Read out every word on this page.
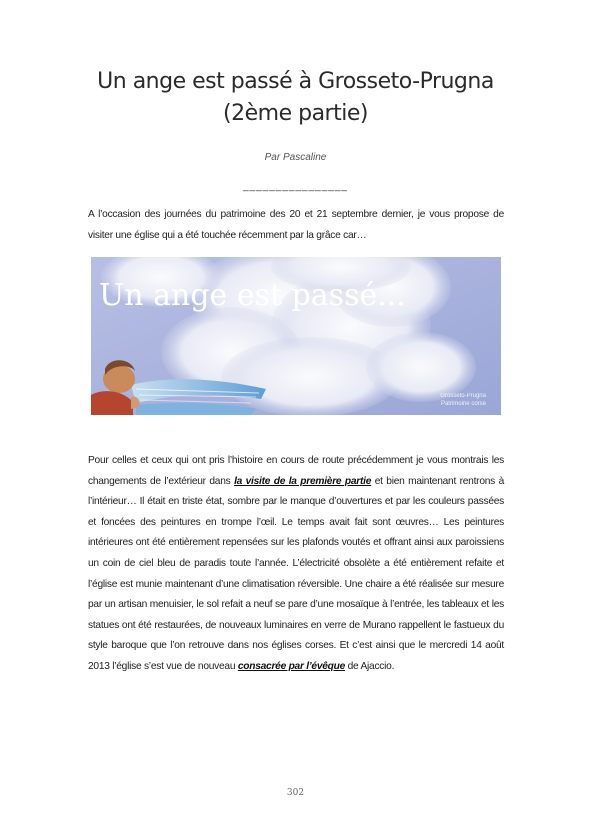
Un ange est passé à Grosseto-Prugna (2ème partie)
Par Pascaline
________________

A l’occasion des journées du patrimoine des 20 et 21 septembre dernier, je vous propose de visiter une église qui a été touchée récemment par la grâce car…

Un ange est passé...
Grosseto-Prugna
Patrimoine corse

Pour celles et ceux qui ont pris l’histoire en cours de route précédemment je vous montrais les changements de l’extérieur dans la visite de la première partie et bien maintenant rentrons à l’intérieur… Il était en triste état, sombre par le manque d’ouvertures et par les couleurs passées et foncées des peintures en trompe l’œil. Le temps avait fait sont œuvres… Les peintures intérieures ont été entièrement repensées sur les plafonds voutés et offrant ainsi aux paroissiens un coin de ciel bleu de paradis toute l’année. L’électricité obsolète a été entièrement refaite et l’église est munie maintenant d’une climatisation réversible. Une chaire a été réalisée sur mesure par un artisan menuisier, le sol refait a neuf se pare d’une mosaïque à l’entrée, les tableaux et les statues ont été restaurées, de nouveaux luminaires en verre de Murano rappellent le fastueux du style baroque que l’on retrouve dans nos églises corses. Et c’est ainsi que le mercredi 14 août 2013 l’église s’est vue de nouveau consacrée par l’évêque de Ajaccio.

302
